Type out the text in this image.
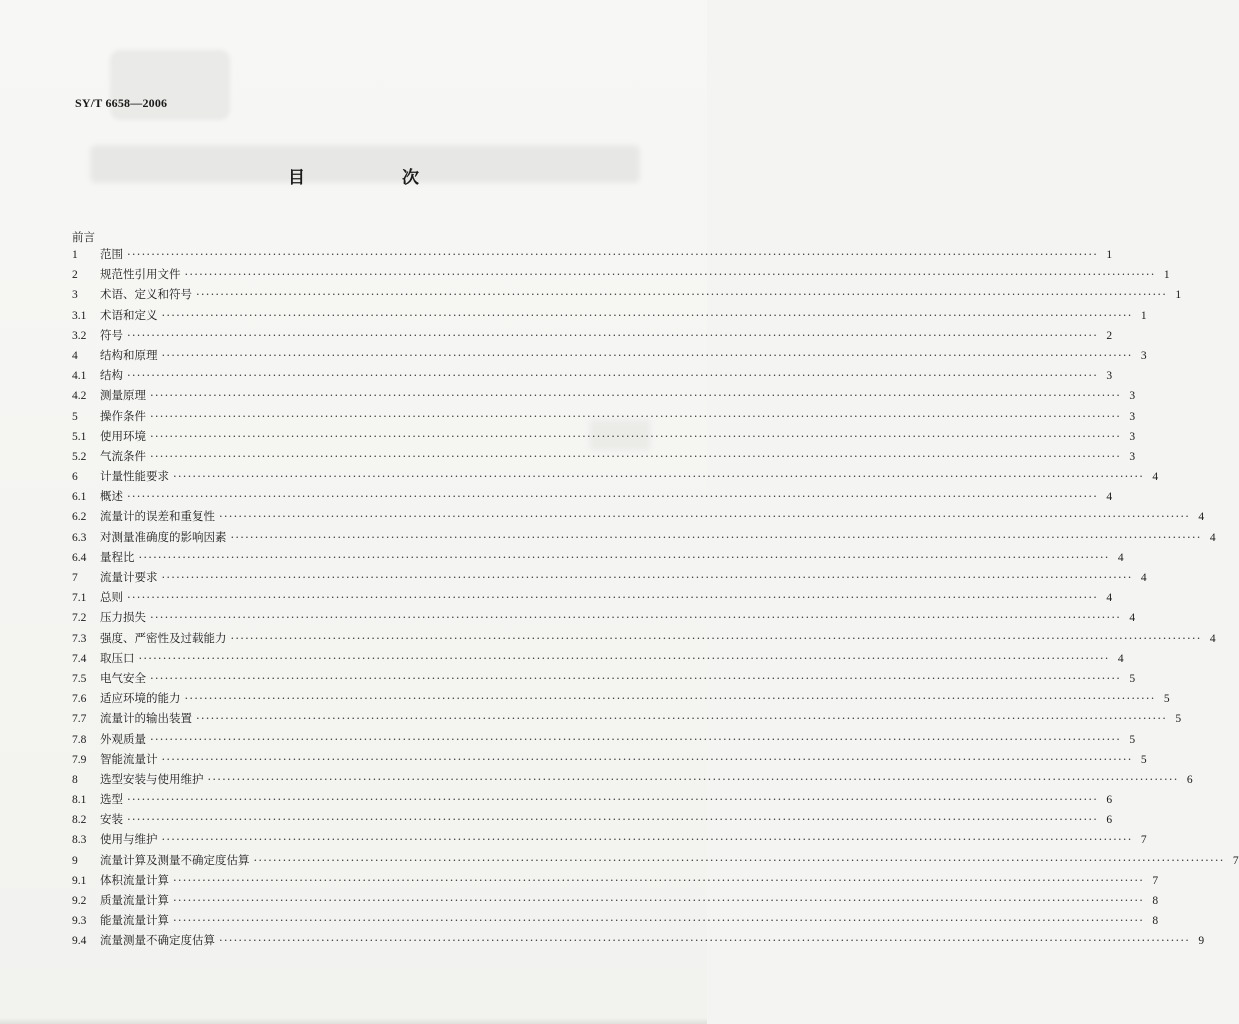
SY/T 6658—2006
目　次
前言
1	范围 ········································································································································································································ 1
2	规范性引用文件 ········································································································································································································ 1
3	术语、定义和符号 ········································································································································································································ 1
3.1	术语和定义 ········································································································································································································ 1
3.2	符号 ········································································································································································································ 2
4	结构和原理 ········································································································································································································ 3
4.1	结构 ········································································································································································································ 3
4.2	测量原理 ········································································································································································································ 3
5	操作条件 ········································································································································································································ 3
5.1	使用环境 ········································································································································································································ 3
5.2	气流条件 ········································································································································································································ 3
6	计量性能要求 ········································································································································································································ 4
6.1	概述 ········································································································································································································ 4
6.2	流量计的误差和重复性 ········································································································································································································ 4
6.3	对测量准确度的影响因素 ········································································································································································································ 4
6.4	量程比 ········································································································································································································ 4
7	流量计要求 ········································································································································································································ 4
7.1	总则 ········································································································································································································ 4
7.2	压力损失 ········································································································································································································ 4
7.3	强度、严密性及过载能力 ········································································································································································································ 4
7.4	取压口 ········································································································································································································ 4
7.5	电气安全 ········································································································································································································ 5
7.6	适应环境的能力 ········································································································································································································ 5
7.7	流量计的输出装置 ········································································································································································································ 5
7.8	外观质量 ········································································································································································································ 5
7.9	智能流量计 ········································································································································································································ 5
8	选型安装与使用维护 ········································································································································································································ 6
8.1	选型 ········································································································································································································ 6
8.2	安装 ········································································································································································································ 6
8.3	使用与维护 ········································································································································································································ 7
9	流量计算及测量不确定度估算 ········································································································································································································ 7
9.1	体积流量计算 ········································································································································································································ 7
9.2	质量流量计算 ········································································································································································································ 8
9.3	能量流量计算 ········································································································································································································ 8
9.4	流量测量不确定度估算 ········································································································································································································ 9
